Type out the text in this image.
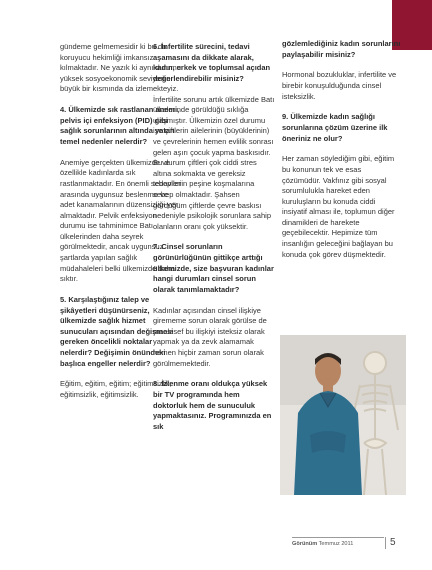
gündeme gelmemesidir ki bu da koruyucu hekimliği imkansız kılmaktadır. Ne yazık ki aynı durumu yüksek sosyoekonomik seviyenin büyük bir kısmında da izlemekteyiz.

4. Ülkemizde sık rastlanan anemi, pelvis içi enfeksiyon (PID) gibi sağlık sorunlarının altında yatan temel nedenler nelerdir?

Anemiye gerçekten ülkemizde ve özellikle kadınlarda sık rastlanmaktadır. En önemli sebepleri arasında uygunsuz beslenme ve adet kanamalarının düzensizliği yer almaktadır. Pelvik enfeksiyon durumu ise tahminimce Batı ülkelerinden daha seyrek görülmektedir, ancak uygunsuz şartlarda yapılan sağlık müdahaleleri belki ülkemizde daha sıktır.

5. Karşılaştığınız talep ve şikâyetleri düşünürseniz, ülkemizde sağlık hizmet sunucuları açısından değişmesi gereken öncelikli noktalar nelerdir? Değişimin önündeki başlıca engeller nelerdir?

Eğitim, eğitim, eğitim; eğitimsizlik, eğitimsizlik, eğitimsizlik.

6. İnfertilite sürecini, tedavi aşamasını da dikkate alarak, kadın, erkek ve toplumsal açıdan değerlendirebilir misiniz?

İnfertilite sorunu artık ülkemizde Batı ülkelerinde görüldüğü sıklığa ulaşmıştır. Ülkemizin özel durumu ise çiftlerin ailelerinin (büyüklerinin) ve çevrelerinin hemen evlilik sonrası gelen aşırı çocuk yapma baskısıdır. Bu durum çiftleri çok ciddi stres altına sokmakta ve gereksiz tedavilerin peşine koşmalarına sebep olmaktadır. Şahsen gördüğüm çiftlerde çevre baskısı nedeniyle psikolojik sorunlara sahip olanların oranı çok yüksektir.

7. Cinsel sorunların görünürlüğünün gittikçe arttığı ülkemizde, size başvuran kadınlar hangi durumları cinsel sorun olarak tanımlamaktadır?

Kadınlar açısından cinsel ilişkiye girememe sorun olarak görülse de maalesef bu ilişkiyi isteksiz olarak yapmak ya da zevk alamamak hemen hiçbir zaman sorun olarak görülmemektedir.

8. İzlenme oranı oldukça yüksek bir TV programında hem doktorluk hem de sunuculuk yapmaktasınız. Programınızda en sık

gözlemlediğiniz kadın sorunlarını paylaşabilir misiniz?

Hormonal bozukluklar, infertilite ve birebir konuşulduğunda cinsel isteksizlik.

9. Ülkemizde kadın sağlığı sorunlarına çözüm üzerine ilk öneriniz ne olur?

Her zaman söylediğim gibi, eğitim bu konunun tek ve esas çözümüdür. Vakfınız gibi sosyal sorumlulukla hareket eden kuruluşların bu konuda ciddi insiyatif alması ile, toplumun diğer dinamikleri de harekete geçebilecektir. Hepimize tüm insanlığın geleceğini bağlayan bu konuda çok görev düşmektedir.

Görünüm Temmuz 2011	5
